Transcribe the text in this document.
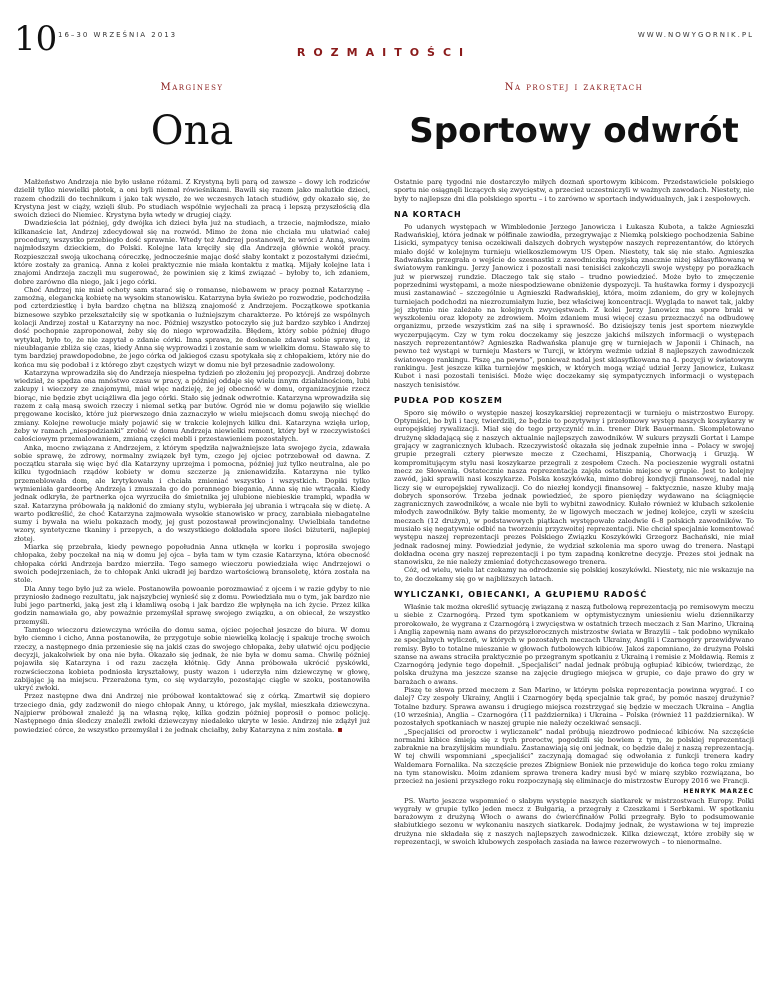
10 16–30 WRZEŚNIA 2013	WWW.NOWYGORNIK.PL
ROZMAITOŚCI
Marginesy
Ona

Małżeństwo Andrzeja nie było usłane różami. Z Krystyną byli parą od zawsze – dowy ich rodziców dzielił tylko niewielki płotek, a oni byli niemal rówieśnikami. Bawili się razem jako malutkie dzieci, razem chodzili do technikum i jako tak wyszło, że we wczesnych latach studiów, gdy okazało się, że Krystyna jest w ciąży, wzięli ślub. Po studiach wspólnie wyjechali za pracą i lepszą przyszłością dla swoich dzieci do Niemiec. Krystyna była wtedy w drugiej ciąży.

Dwadzieścia lat później, gdy dwójka ich dzieci była już na studiach, a trzecie, najmłodsze, miało kilkanaście lat, Andrzej zdecydował się na rozwód. Mimo że żona nie chciała mu ułatwiać całej procedury, wszystko przebiegło dość sprawnie. Wtedy też Andrzej postanowił, że wróci z Anną, swoim najmłodszym dzieckiem, do Polski. Kolejne lata kręciły się dla Andrzeja głównie wokół pracy. Rozpieszczał swoją ukochaną córeczkę, jednocześnie mając dość słaby kontakt z pozostałymi dziećmi, które zostały za granicą. Anna z kolei praktycznie nie miała kontaktu z matką. Mijały kolejne lata i znajomi Andrzeja zaczęli mu sugerować, że powinien się z kimś związać – byłoby to, ich zdaniem, dobre zarówno dla niego, jak i jego córki.

Choć Andrzej nie miał ochoty sam starać się o romanse, niebawem w pracy poznał Katarzynę – zamożną, elegancką kobietę na wysokim stanowisku. Katarzyna była świeżo po rozwodzie, podchodziła pod czterdziestkę i była bardzo chętna na bliższą znajomość z Andrzejem. Początkowe spotkania biznesowe szybko przekształciły się w spotkania o luźniejszym charakterze. Po którejś ze wspólnych kolacji Andrzej został u Katarzyny na noc. Później wszystko potoczyło się już bardzo szybko i Andrzej dość pochopnie zaproponował, żeby się do niego wprowadziła. Błędem, który sobie później długo wytykał, było to, że nie zapytał o zdanie córki. Inna sprawa, że doskonale zdawał sobie sprawę, iż nieubłaganie zbliża się czas, kiedy Anna się wyprowadzi i zostanie sam w wielkim domu. Stawało się to tym bardziej prawdopodobne, że jego córka od jakiegoś czasu spotykała się z chłopakiem, który nie do końca mu się podobał i z którego zbyt częstych wizyt w domu nie był przesadnie zadowolony.

Katarzyna wprowadziła się do Andrzeja niespełna tydzień po złożeniu jej propozycji. Andrzej dobrze wiedział, że spędza ona mnóstwo czasu w pracy, a później oddaje się wielu innym działalnościom, lubi zakupy i wieczory ze znajomymi, miał więc nadzieję, że jej obecność w domu, organizacyjnie rzecz biorąc, nie będzie zbyt uciążliwa dla jego córki. Stało się jednak odwrotnie. Katarzyna wprowadziła się razem z całą masą swoich rzeczy i niemal setką par butów. Ogród nie w domu pojawiło się wielkie pręgowane kocisko, które już pierwszego dnia zaznaczyło w wielu miejscach domu swoją niechęć do zmiany. Kolejne rewolucje miały pojawić się w trakcie kolejnych kilku dni. Katarzyna wzięła urlop, żeby w ramach „niespodzianki” zrobić w domu Andrzeja niewielki remont, który był w rzeczywistości całościowym przemalowaniem, zmianą części mebli i przestawieniem pozostałych.

Anka, mocno związana z Andrzejem, z którym spędziła najważniejsze lata swojego życia, zdawała sobie sprawę, że zdrowy, normalny związek był tym, czego jej ojciec potrzebował od dawna. Z początku starała się więc być dla Katarzyny uprzejma i pomocna, później już tylko neutralna, ale po kilku tygodniach rządów kobiety w domu szczerze ją znienawidziła. Katarzyna nie tylko przemeblowała dom, ale krytykowała i chciała zmieniać wszystko i wszystkich. Dopiki tylko wymieniała gardeorbę Andrzeja i zmuszała go do porannego biegania, Anna się nie wtrącała. Kiedy jednak odkryła, że partnerka ojca wyrzuciła do śmietnika jej ulubione niebieskie trampki, wpadła w szał. Katarzyna próbowała ją nakłonić do zmiany stylu, wybierała jej ubrania i wtrącała się w dietę. A warto podkreślić, że choć Katarzyna zajmowała wysokie stanowisko w pracy, zarabiała niebagatelne sumy i bywała na wielu pokazach mody, jej gust pozostawał prowincjonalny. Uwielbiała tandetne wzory, syntetyczne tkaniny i przepych, a do wszystkiego dokładała spore ilości biżuterii, najlepiej złotej.

Miarka się przebrała, kiedy pewnego popołudnia Anna utknęła w korku i poprosiła swojego chłopaka, żeby poczekał na nią w domu jej ojca – była tam w tym czasie Katarzyna, która obecność chłopaka córki Andrzeja bardzo mierziła. Tego samego wieczoru powiedziała więc Andrzejowi o swoich podejrzeniach, że to chłopak Anki ukradł jej bardzo wartościową bransoletę, która została na stole.

Dla Anny tego było już za wiele. Postanowiła powoanie porozmawiać z ojcem i w razie gdyby to nie przyniosło żadnego rezultatu, jak najszybciej wynieść się z domu. Powiedziała mu o tym, jak bardzo nie lubi jego partnerki, jaką jest złą i kłamliwą osobą i jak bardzo źle wpłynęła na ich życie. Przez kilka godzin namawiała go, aby poważnie przemyślał sprawę swojego związku, a on obiecał, że wszystko przemyśli.

Tamtego wieczoru dziewczyna wróciła do domu sama, ojciec pojechał jeszcze do biura. W domu było ciemno i cicho, Anna postanowiła, że przygotuje sobie niewielką kolację i spakuje trochę swoich rzeczy, a następnego dnia przeniesie się na jakiś czas do swojego chłopaka, żeby ułatwić ojcu podjęcie decyzji, jakakolwiek by ona nie była. Okazało się jednak, że nie była w domu sama. Chwilę później pojawiła się Katarzyna i od razu zaczęła kłótnię. Gdy Anna próbowała ukrócić pyskówki, rozwścieczona kobieta podniosła kryształowy, pusty wazon i uderzyła nim dziewczynę w głowę, zabijając ją na miejscu. Przerażona tym, co się wydarzyło, pozostając ciągle w szoku, postanowiła ukryć zwłoki.

Przez następne dwa dni Andrzej nie próbował kontaktować się z córką. Zmartwił się dopiero trzeciego dnia, gdy zadzwonił do niego chłopak Anny, u którego, jak myślał, mieszkała dziewczyna. Najpierw próbował znaleźć ją na własną rękę, kilka godzin później poprosił o pomoc policję. Następnego dnia śledczy znaleźli zwłoki dziewczyny niedaleko ukryte w lesie. Andrzej nie zdążył już powiedzieć córce, że wszystko przemyślał i że jednak chciałby, żeby Katarzyna z nim została.

Na prostej i zakrętach
Sportowy odwrót

Ostatnie parę tygodni nie dostarczyło miłych doznań sportowym kibicom. Przedstawiciele polskiego sportu nie osiągnęli liczących się zwycięstw, a przecież uczestniczyli w ważnych zawodach. Niestety, nie były to najlepsze dni dla polskiego sportu – i to zarówno w sportach indywidualnych, jak i zespołowych.

NA KORTACH

Po udanych występach w Wimbledonie Jerzego Janowicza i Łukasza Kubota, a także Agnieszki Radwańskiej, która jednak w półfinale zawiodła, przegrywając z Niemką polskiego pochodzenia Sabine Lisicki, sympatycy tenisa oczekiwali dalszych dobrych występów naszych reprezentantów, do których miało dojść w kolejnym turnieju wielkoszlemowym US Open. Niestety, tak się nie stało. Agnieszka Radwańska przegrała o wejście do szesnastki z zawodniczką rosyjską znacznie niżej sklasyfikowaną w światowym rankingu. Jerzy Janowicz i pozostali nasi tenisiści zakończyli swoje występy po porażkach już w pierwszej rundzie. Dlaczego tak się stało – trudno powiedzieć. Może było to zmęczenie poprzednimi występami, a może niespodziewane obniżenie dyspozycji. Ta huśtawka formy i dyspozycji musi zastanawiać – szczególnie u Agnieszki Radwańskiej, która, moim zdaniem, do gry w kolejnych turniejach podchodzi na niezrozumiałym luzie, bez właściwej koncentracji. Wygląda to nawet tak, jakby jej zbytnio nie zależało na kolejnych zwycięstwach. Z kolei Jerzy Janowicz ma spore braki w wyszkoleniu oraz kłopoty ze zdrowiem. Moim zdaniem musi więcej czasu przeznaczyć na odbudowę organizmu, przede wszystkim zaś na siłę i sprawność. Bo dzisiejszy tenis jest sportem niezwykle wyczerpującym. Czy w tym roku doczekamy się jeszcze jakichś milszych informacji o występach naszych reprezentantów? Agnieszka Radwańska planuje grę w turniejach w Japonii i Chinach, na pewno też wystąpi w turnieju Masters w Turcji, w którym weźmie udział 8 najlepszych zawodniczek światowego rankingu. Piszę „na pewno”, ponieważ nadal jest sklasyfikowana na 4. pozycji w światowym rankingu. Jest jeszcze kilka turniejów męskich, w których mogą wziąć udział Jerzy Janowicz, Łukasz Kubot i nasi pozostali tenisiści. Może więc doczekamy się sympatycznych informacji o występach naszych tenisistów.

PUDŁA POD KOSZEM

Sporo się mówiło o występie naszej koszykarskiej reprezentacji w turnieju o mistrzostwo Europy. Optymiści, bo byli i tacy, twierdzili, że będzie to pozytywny i przełomowy występ naszych koszykarzy w europejskiej rywalizacji. Miał się do tego przyczynić m.in. trener Dirk Bauermann. Skompletowano drużynę składającą się z naszych aktualnie najlepszych zawodników. W sukurs przyszli Gortat i Lampe grający w zagranicznych klubach. Rzeczywistość okazała się jednak zupełnie inna – Polacy w swojej grupie przegrali cztery pierwsze mecze z Czechami, Hiszpanią, Chorwacją i Gruzją. W kompromitującym stylu nasi koszykarze przegrali z zespołem Czech. Na pocieszenie wygrali ostatni mecz ze Słowenią. Ostatecznie nasza reprezentacja zajęła ostatnie miejsce w grupie. Jest to kolejny zawód, jaki sprawili nasi koszykarze. Polska koszykówka, mimo dobrej kondycji finansowej, nadal nie liczy się w europejskiej rywalizacji. Co do niezłej kondycji finansowej – faktycznie, nasze kluby mają dobrych sponsorów. Trzeba jednak powiedzieć, że sporo pieniędzy wydawano na ściągnięcie zagranicznych zawodników, a wcale nie byli to wybitni zawodnicy. Kułało również w klubach szkolenie młodych zawodników. Były takie momenty, że w ligowych meczach w jednej kolejce, czyli w sześciu meczach (12 drużyn), w podstawowych piątkach występowało zaledwie 6–8 polskich zawodników. To musiało się negatywnie odbić na tworzeniu przyzwoitej reprezentacji. Nie chciał specjalnie komentować występu naszej reprezentacji prezes Polskiego Związku Koszykówki Grzegorz Bachański, nie miał jednak radosnej miny. Powiedział jedynie, że wydział szkolenia ma sporo uwag do trenera. Nastąpi dokładna ocena gry naszej reprezentacji i po tym zapadną konkretne decyzje. Prezes stoi jednak na stanowisku, że nie należy zmieniać dotychczasowego trenera.

Cóż, od wielu, wielu lat czekamy na odrodzenie się polskiej koszykówki. Niestety, nic nie wskazuje na to, że doczekamy się go w najbliższych latach.

WYLICZANKI, OBIECANKI, A GŁUPIEMU RADOŚĆ

Właśnie tak można określić sytuację związaną z naszą futbolową reprezentacją po remisowym meczu u siebie z Czarnogórą. Przed tym spotkaniem w optymistycznym uniesieniu wielu dziennikarzy prorokowało, że wygrana z Czarnogórą i zwycięstwa w ostatnich trzech meczach z San Marino, Ukrainą i Anglią zapewnią nam awans do przyszłorocznych mistrzostw świata w Brazylii – tak podobno wynikało ze specjalnych wyliczeń, w których w pozostałych meczach Ukrainy, Anglii i Czarnogóry przewidywano remisy. Było to totalne mieszanie w głowach futbolowych kibiców. Jakoś zapomniano, że drużyna Polski szanse na awans straciła praktycznie po przegranym spotkaniu z Ukrainą i remisie z Mołdawią. Remis z Czarnogórą jedynie tego dopełnił. „Specjaliści” nadal jednak próbują ogłupiać kibiców, twierdząc, że polska drużyna ma jeszcze szanse na zajęcie drugiego miejsca w grupie, co daje prawo do gry w barażach o awans.

Piszę te słowa przed meczem z San Marino, w którym polska reprezentacja powinna wygrać. I co dalej? Czy zespoły Ukrainy, Anglii i Czarnogóry będą specjalnie tak grać, by pomóc naszej drużynie? Totalne bzdury. Sprawa awansu i drugiego miejsca rozstrzygać się będzie w meczach Ukraina – Anglia (10 września), Anglia – Czarnogóra (11 października) i Ukraina – Polska (również 11 października). W pozostałych spotkaniach w naszej grupie nie należy oczekiwać sensacji.

„Specjaliści od proroctw i wyliczanek” nadal próbują niezdrowo podniecać kibiców. Na szczęście normalni kibice śmieją się z tych proroctw, pogodzili się bowiem z tym, że polskiej reprezentacji zabraknie na brazylijskim mundialu. Zastanawiają się oni jednak, co będzie dalej z naszą reprezentacją. W tej chwili wspomniani „specjaliści” zaczynają domagać się odwołania z funkcji trenera kadry Waldemara Fornalika. Na szczęście prezes Zbigniew Boniek nie przewiduje do końca tego roku zmiany na tym stanowisku. Moim zdaniem sprawa trenera kadry musi być w miarę szybko rozwiązana, bo przecież na jesieni przyszłego roku rozpoczynają się eliminacje do mistrzostw Europy 2016 we Francji.

HENRYK MARZEC

PS. Warto jeszcze wspomnieć o słabym występie naszych siatkarek w mistrzostwach Europy. Polki wygrały w grupie tylko jeden mecz z Bułgarią, a przegrały z Czeszkami i Serbkami. W spotkaniu barażowym z drużyną Włoch o awans do ćwierćfinałów Polki przegrały. Było to podsumowanie słabiutkiego sezonu w wykonaniu naszych siatkarek. Dodajmy jednak, że wystawiona w tej imprezie drużyna nie składała się z naszych najlepszych zawodniczek. Kilka dziewcząt, które zrobiły się w reprezentacji, w swoich klubowych zespołach zasiada na ławce rezerwowych – to nienormalne.
